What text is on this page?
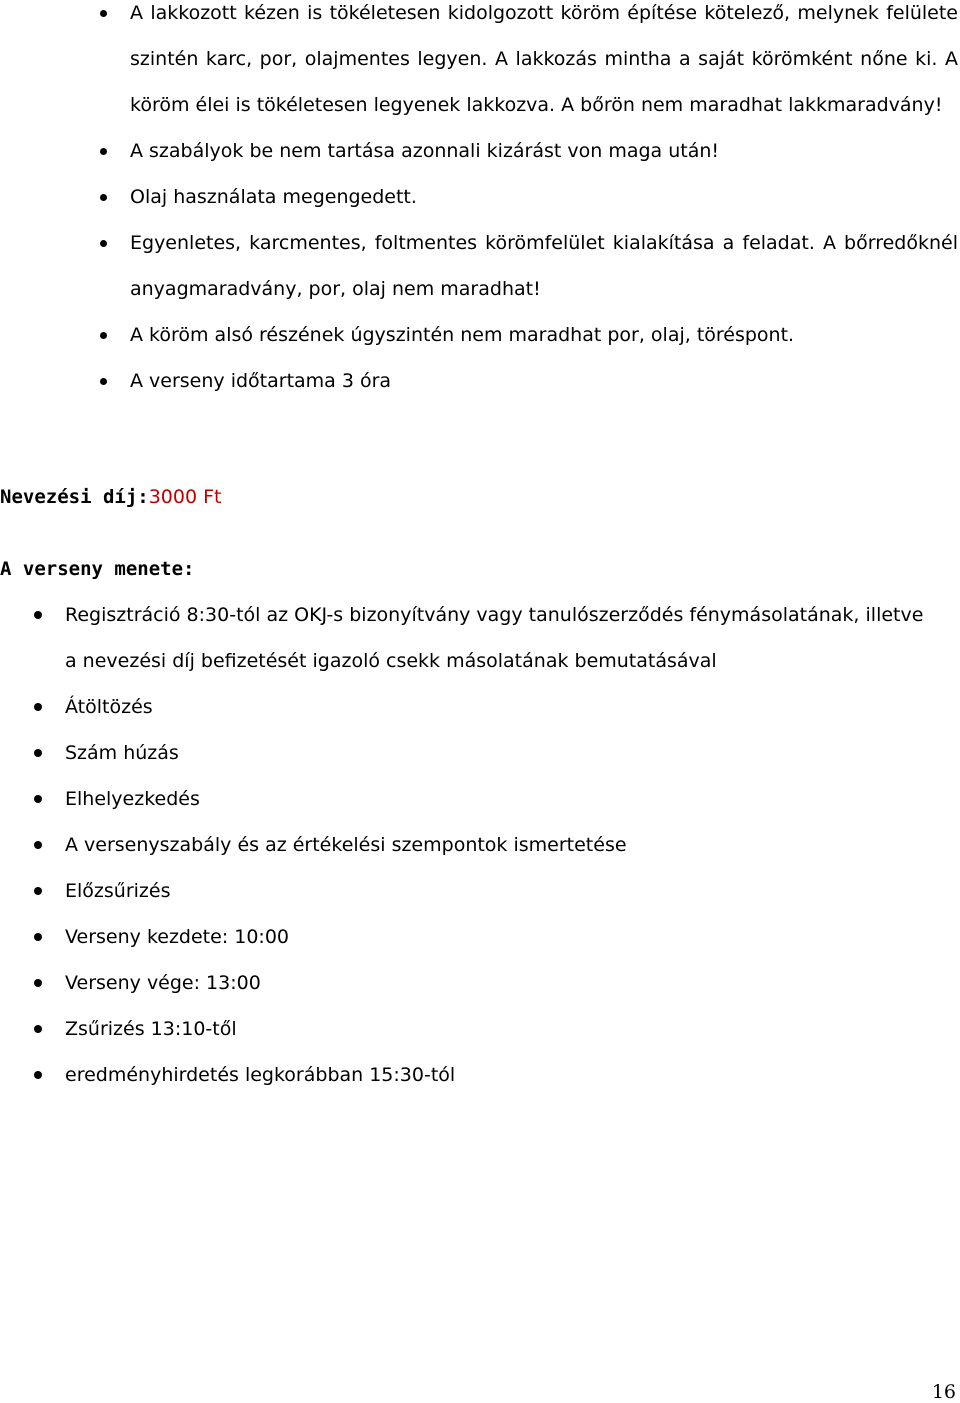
A lakkozott kézen is tökéletesen kidolgozott köröm építése kötelező, melynek felülete szintén karc, por, olajmentes legyen. A lakkozás mintha a saját körömként nőne ki. A köröm élei is tökéletesen legyenek lakkozva. A bőrön nem maradhat lakkmaradvány!
A szabályok be nem tartása azonnali kizárást von maga után!
Olaj használata megengedett.
Egyenletes, karcmentes, foltmentes körömfelület kialakítása a feladat. A bőrredőknél anyagmaradvány, por, olaj nem maradhat!
A köröm alsó részének úgyszintén nem maradhat por, olaj, töréspont.
A verseny időtartama 3 óra
Nevezési díj:3000 Ft
A verseny menete:
Regisztráció 8:30-tól az OKJ-s bizonyítvány vagy tanulószerződés fénymásolatának, illetve a nevezési díj befizetését igazoló csekk másolatának bemutatásával
Átöltözés
Szám húzás
Elhelyezkedés
A versenyszabály és az értékelési szempontok ismertetése
Előzsűrizés
Verseny kezdete: 10:00
Verseny vége: 13:00
Zsűrizés 13:10-től
eredményhirdetés legkorábban 15:30-tól
16
